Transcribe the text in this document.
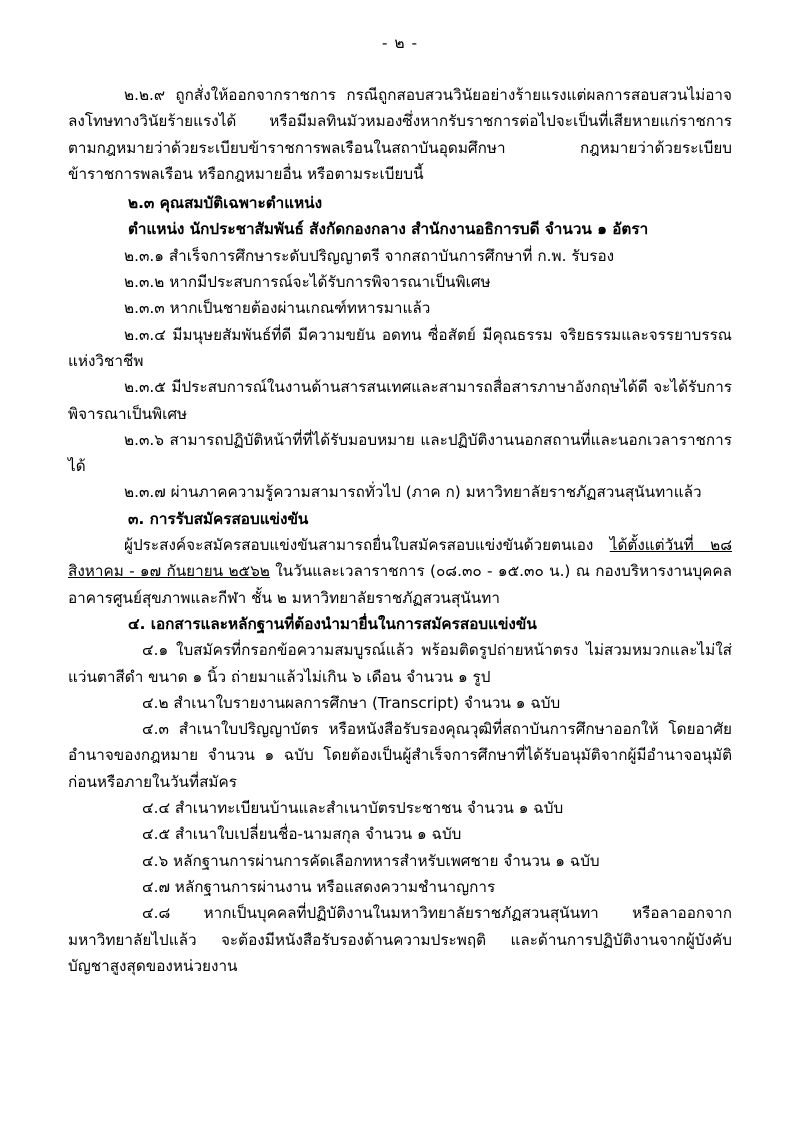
- ๒ -

๒.๒.๙ ถูกสั่งให้ออกจากราชการ กรณีถูกสอบสวนวินัยอย่างร้ายแรงแต่ผลการสอบสวนไม่อาจลงโทษทางวินัยร้ายแรงได้ หรือมีมลทินมัวหมองซึ่งหากรับราชการต่อไปจะเป็นที่เสียหายแก่ราชการตามกฎหมายว่าด้วยระเบียบข้าราชการพลเรือนในสถาบันอุดมศึกษา กฎหมายว่าด้วยระเบียบข้าราชการพลเรือน หรือกฎหมายอื่น หรือตามระเบียบนี้

๒.๓ คุณสมบัติเฉพาะตำแหน่ง

ตำแหน่ง นักประชาสัมพันธ์ สังกัดกองกลาง สำนักงานอธิการบดี จำนวน ๑ อัตรา

๒.๓.๑ สำเร็จการศึกษาระดับปริญญาตรี จากสถาบันการศึกษาที่ ก.พ. รับรอง

๒.๓.๒ หากมีประสบการณ์จะได้รับการพิจารณาเป็นพิเศษ

๒.๓.๓ หากเป็นชายต้องผ่านเกณฑ์ทหารมาแล้ว

๒.๓.๔ มีมนุษยสัมพันธ์ที่ดี มีความขยัน อดทน ซื่อสัตย์ มีคุณธรรม จริยธรรมและจรรยาบรรณแห่งวิชาชีพ

๒.๓.๕ มีประสบการณ์ในงานด้านสารสนเทศและสามารถสื่อสารภาษาอังกฤษได้ดี จะได้รับการพิจารณาเป็นพิเศษ

๒.๓.๖ สามารถปฏิบัติหน้าที่ที่ได้รับมอบหมาย และปฏิบัติงานนอกสถานที่และนอกเวลาราชการได้

๒.๓.๗ ผ่านภาคความรู้ความสามารถทั่วไป (ภาค ก) มหาวิทยาลัยราชภัฏสวนสุนันทาแล้ว

๓. การรับสมัครสอบแข่งขัน

ผู้ประสงค์จะสมัครสอบแข่งขันสามารถยื่นใบสมัครสอบแข่งขันด้วยตนเอง ได้ตั้งแต่วันที่ ๒๘ สิงหาคม - ๑๗ กันยายน ๒๕๖๒ ในวันและเวลาราชการ (๐๘.๓๐ - ๑๕.๓๐ น.) ณ กองบริหารงานบุคคล อาคารศูนย์สุขภาพและกีฬา ชั้น ๒ มหาวิทยาลัยราชภัฏสวนสุนันทา

๔. เอกสารและหลักฐานที่ต้องนำมายื่นในการสมัครสอบแข่งขัน

๔.๑ ใบสมัครที่กรอกข้อความสมบูรณ์แล้ว พร้อมติดรูปถ่ายหน้าตรง ไม่สวมหมวกและไม่ใส่แว่นตาสีดำ ขนาด ๑ นิ้ว ถ่ายมาแล้วไม่เกิน ๖ เดือน จำนวน ๑ รูป

๔.๒ สำเนาใบรายงานผลการศึกษา (Transcript) จำนวน ๑ ฉบับ

๔.๓ สำเนาใบปริญญาบัตร หรือหนังสือรับรองคุณวุฒิที่สถาบันการศึกษาออกให้ โดยอาศัยอำนาจของกฎหมาย จำนวน ๑ ฉบับ โดยต้องเป็นผู้สำเร็จการศึกษาที่ได้รับอนุมัติจากผู้มีอำนาจอนุมัติก่อนหรือภายในวันที่สมัคร

๔.๔ สำเนาทะเบียนบ้านและสำเนาบัตรประชาชน จำนวน ๑ ฉบับ

๔.๕ สำเนาใบเปลี่ยนชื่อ-นามสกุล จำนวน ๑ ฉบับ

๔.๖ หลักฐานการผ่านการคัดเลือกทหารสำหรับเพศชาย จำนวน ๑ ฉบับ

๔.๗ หลักฐานการผ่านงาน หรือแสดงความชำนาญการ

๔.๘ หากเป็นบุคคลที่ปฏิบัติงานในมหาวิทยาลัยราชภัฏสวนสุนันทา หรือลาออกจากมหาวิทยาลัยไปแล้ว จะต้องมีหนังสือรับรองด้านความประพฤติ และด้านการปฏิบัติงานจากผู้บังคับบัญชาสูงสุดของหน่วยงาน
